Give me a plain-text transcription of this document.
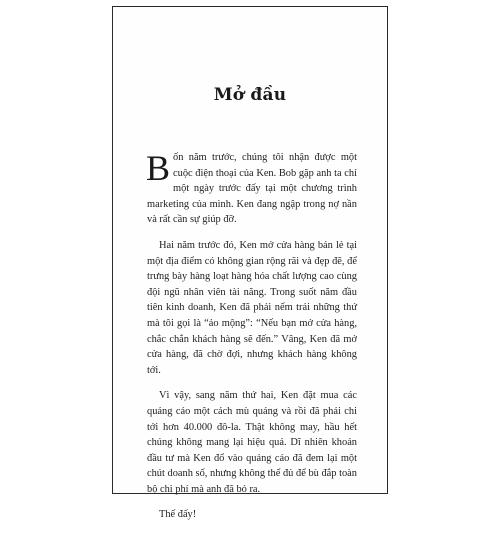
Mở đầu

Bốn năm trước, chúng tôi nhận được một cuộc điện thoại của Ken. Bob gặp anh ta chỉ một ngày trước đấy tại một chương trình marketing của mình. Ken đang ngập trong nợ nần và rất cần sự giúp đỡ.

Hai năm trước đó, Ken mở cửa hàng bán lẻ tại một địa điểm có không gian rộng rãi và đẹp đẽ, để trưng bày hàng loạt hàng hóa chất lượng cao cùng đội ngũ nhân viên tài năng. Trong suốt năm đầu tiên kinh doanh, Ken đã phải nếm trải những thứ mà tôi gọi là “ảo mộng”: “Nếu bạn mở cửa hàng, chắc chắn khách hàng sẽ đến.” Vâng, Ken đã mở cửa hàng, đã chờ đợi, nhưng khách hàng không tới.

Vì vậy, sang năm thứ hai, Ken đặt mua các quảng cáo một cách mù quáng và rồi đã phải chi tới hơn 40.000 đô-la. Thật không may, hầu hết chúng không mang lại hiệu quả. Dĩ nhiên khoản đầu tư mà Ken đổ vào quảng cáo đã đem lại một chút doanh số, nhưng không thể đủ để bù đắp toàn bộ chi phí mà anh đã bỏ ra.

Thế đấy!
